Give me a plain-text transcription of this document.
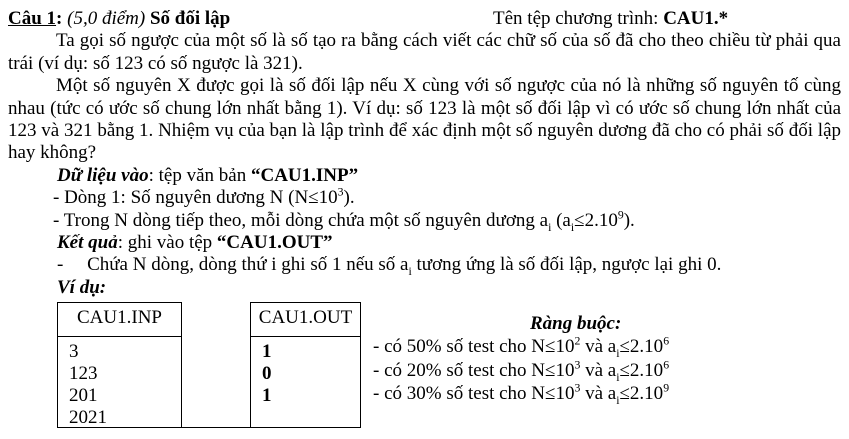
Câu 1: (5,0 điểm) Số đối lập	Tên tệp chương trình: CAU1.*

Ta gọi số ngược của một số là số tạo ra bằng cách viết các chữ số của số đã cho theo chiều từ phải qua trái (ví dụ: số 123 có số ngược là 321).

Một số nguyên X được gọi là số đối lập nếu X cùng với số ngược của nó là những số nguyên tố cùng nhau (tức có ước số chung lớn nhất bằng 1). Ví dụ: số 123 là một số đối lập vì có ước số chung lớn nhất của 123 và 321 bằng 1. Nhiệm vụ của bạn là lập trình để xác định một số nguyên dương đã cho có phải số đối lập hay không?

Dữ liệu vào: tệp văn bản “CAU1.INP”
- Dòng 1: Số nguyên dương N $(N\le 10^3)$.
- Trong N dòng tiếp theo, mỗi dòng chứa một số nguyên dương $a_i$ $(a_i\le 2.10^9)$.
Kết quả: ghi vào tệp “CAU1.OUT”
-     Chứa N dòng, dòng thứ i ghi số 1 nếu số $a_i$ tương ứng là số đối lập, ngược lại ghi 0.
Ví dụ:
CAU1.INP
3
123
201
2021
CAU1.OUT
1
0
1
Ràng buộc:
- có 50% số test cho $N\le 10^2$ và $a_i\le 2.10^6$
- có 20% số test cho $N\le 10^3$ và $a_i\le 2.10^6$
- có 30% số test cho $N\le 10^3$ và $a_i\le 2.10^9$
